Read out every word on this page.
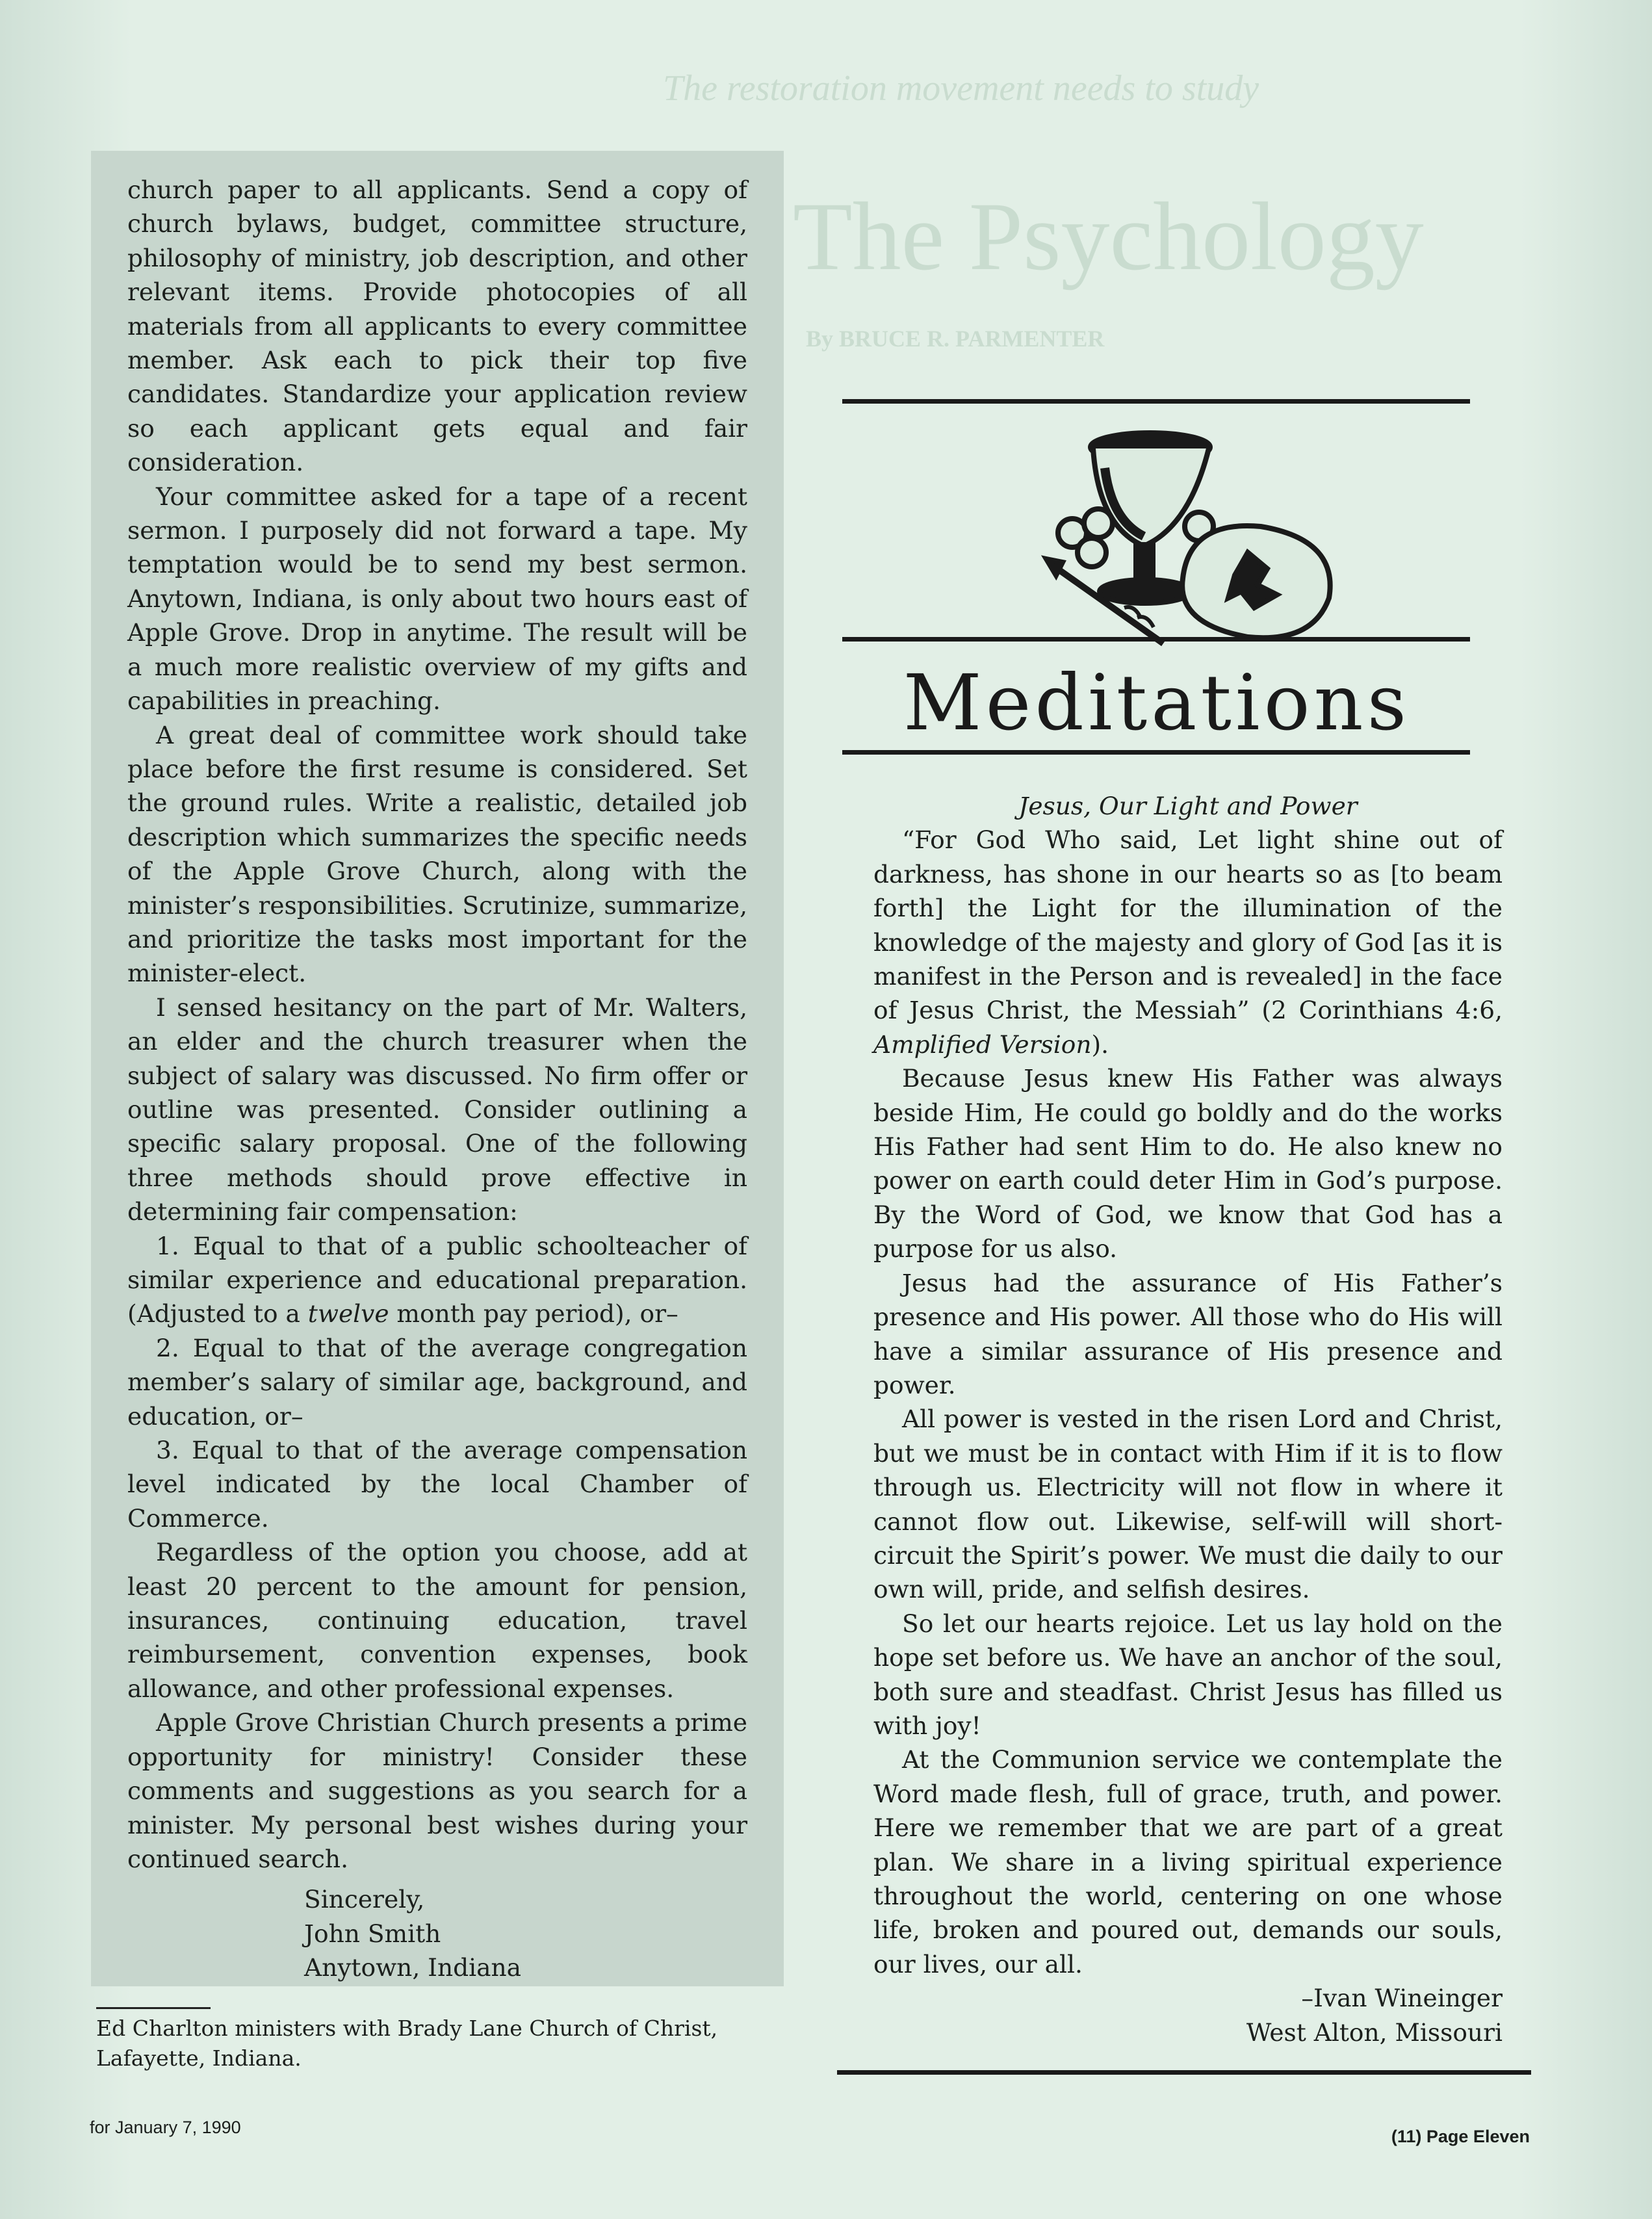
The restoration movement needs to study
The Psychology
By BRUCE R. PARMENTER

church paper to all applicants. Send a copy of church bylaws, budget, committee structure, philosophy of ministry, job description, and other relevant items. Provide photocopies of all materials from all applicants to every committee member. Ask each to pick their top five candidates. Standardize your application review so each applicant gets equal and fair consideration.

Your committee asked for a tape of a recent sermon. I purposely did not forward a tape. My temptation would be to send my best sermon. Anytown, Indiana, is only about two hours east of Apple Grove. Drop in anytime. The result will be a much more realistic overview of my gifts and capabilities in preaching.

A great deal of committee work should take place before the first resume is considered. Set the ground rules. Write a realistic, detailed job description which summarizes the specific needs of the Apple Grove Church, along with the minister’s responsibilities. Scrutinize, summarize, and prioritize the tasks most important for the minister-elect.

I sensed hesitancy on the part of Mr. Walters, an elder and the church treasurer when the subject of salary was discussed. No firm offer or outline was presented. Consider outlining a specific salary proposal. One of the following three methods should prove effective in determining fair compensation:

1. Equal to that of a public schoolteacher of similar experience and educational preparation. (Adjusted to a twelve month pay period), or–

2. Equal to that of the average congregation member’s salary of similar age, background, and education, or–

3. Equal to that of the average compensation level indicated by the local Chamber of Commerce.

Regardless of the option you choose, add at least 20 percent to the amount for pension, insurances, continuing education, travel reimbursement, convention expenses, book allowance, and other professional expenses.

Apple Grove Christian Church presents a prime opportunity for ministry! Consider these comments and suggestions as you search for a minister. My personal best wishes during your continued search.

Sincerely,
John Smith
Anytown, Indiana
Ed Charlton ministers with Brady Lane Church of Christ, Lafayette, Indiana.
Meditations

Jesus, Our Light and Power

“For God Who said, Let light shine out of darkness, has shone in our hearts so as [to beam forth] the Light for the illumination of the knowledge of the majesty and glory of God [as it is manifest in the Person and is revealed] in the face of Jesus Christ, the Messiah” (2 Corinthians 4:6, Amplified Version).

Because Jesus knew His Father was always beside Him, He could go boldly and do the works His Father had sent Him to do. He also knew no power on earth could deter Him in God’s purpose. By the Word of God, we know that God has a purpose for us also.

Jesus had the assurance of His Father’s presence and His power. All those who do His will have a similar assurance of His presence and power.

All power is vested in the risen Lord and Christ, but we must be in contact with Him if it is to flow through us. Electricity will not flow in where it cannot flow out. Likewise, self-will will short-circuit the Spirit’s power. We must die daily to our own will, pride, and selfish desires.

So let our hearts rejoice. Let us lay hold on the hope set before us. We have an anchor of the soul, both sure and steadfast. Christ Jesus has filled us with joy!

At the Communion service we contemplate the Word made flesh, full of grace, truth, and power. Here we remember that we are part of a great plan. We share in a living spiritual experience throughout the world, centering on one whose life, broken and poured out, demands our souls, our lives, our all.

–Ivan Wineinger

West Alton, Missouri

for January 7, 1990	(11) Page Eleven
